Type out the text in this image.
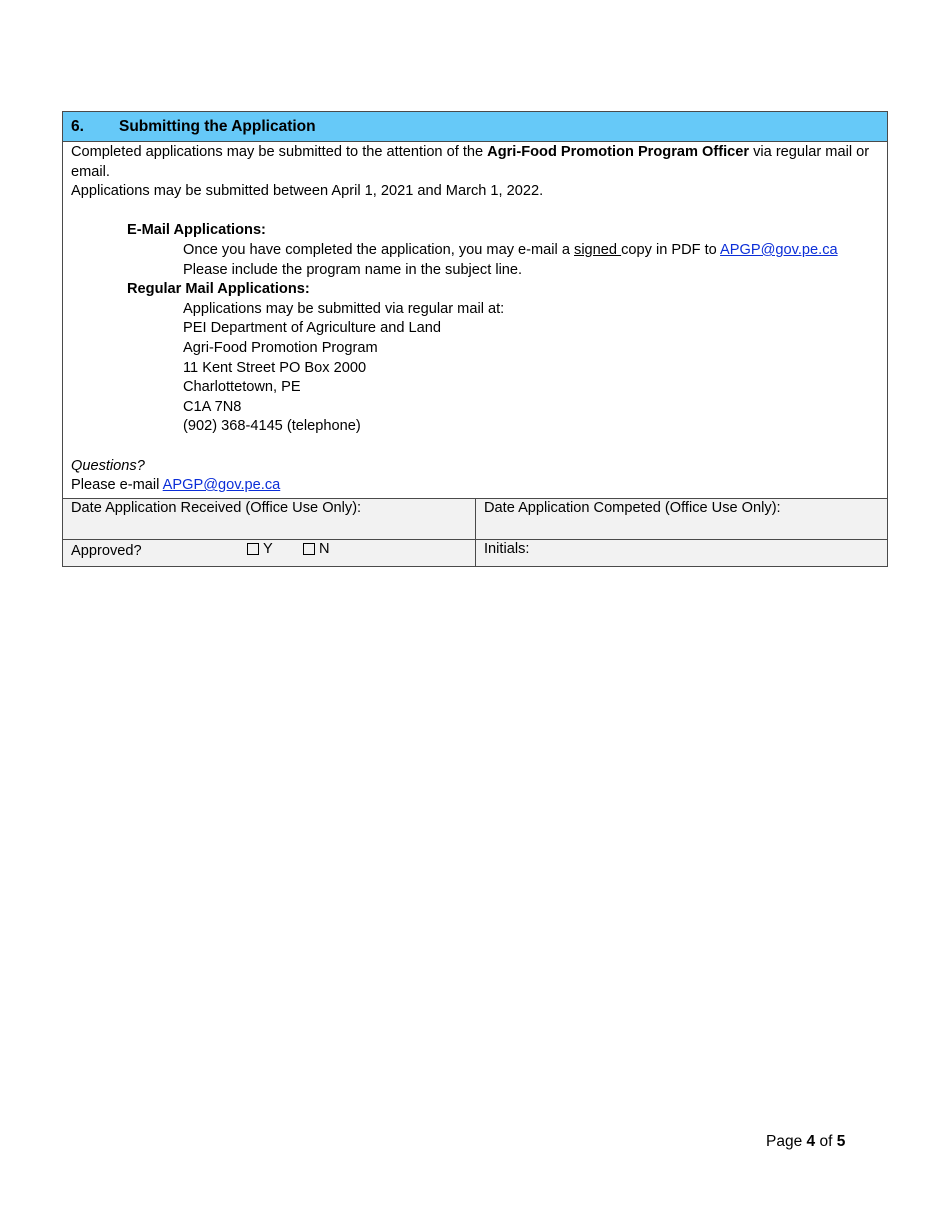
6.	Submitting the Application
Completed applications may be submitted to the attention of the Agri-Food Promotion Program Officer via regular mail or email.
Applications may be submitted between April 1, 2021 and March 1, 2022.
E-Mail Applications:
Once you have completed the application, you may e-mail a signed copy in PDF to APGP@gov.pe.ca
Please include the program name in the subject line.
Regular Mail Applications:
Applications may be submitted via regular mail at:
PEI Department of Agriculture and Land
Agri-Food Promotion Program
11 Kent Street PO Box 2000
Charlottetown, PE
C1A 7N8
(902) 368-4145 (telephone)
Questions?
Please e-mail APGP@gov.pe.ca
Date Application Received (Office Use Only):	Date Application Competed (Office Use Only):
Approved?	Y	N	Initials:
Page 4 of 5
